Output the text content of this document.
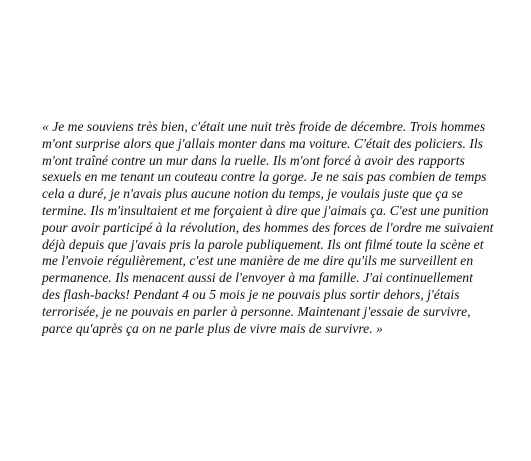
« Je me souviens très bien, c'était une nuit très froide de décembre. Trois hommes
m'ont surprise alors que j'allais monter dans ma voiture. C'était des policiers. Ils
m'ont traîné contre un mur dans la ruelle. Ils m'ont forcé à avoir des rapports
sexuels en me tenant un couteau contre la gorge. Je ne sais pas combien de temps
cela a duré, je n'avais plus aucune notion du temps, je voulais juste que ça se
termine. Ils m'insultaient et me forçaient à dire que j'aimais ça. C'est une punition
pour avoir participé à la révolution, des hommes des forces de l'ordre me suivaient
déjà depuis que j'avais pris la parole publiquement. Ils ont filmé toute la scène et
me l'envoie régulièrement, c'est une manière de me dire qu'ils me surveillent en
permanence. Ils menacent aussi de l'envoyer à ma famille. J'ai continuellement
des flash-backs! Pendant 4 ou 5 mois je ne pouvais plus sortir dehors, j'étais
terrorisée, je ne pouvais en parler à personne. Maintenant j'essaie de survivre,
parce qu'après ça on ne parle plus de vivre mais de survivre. »
